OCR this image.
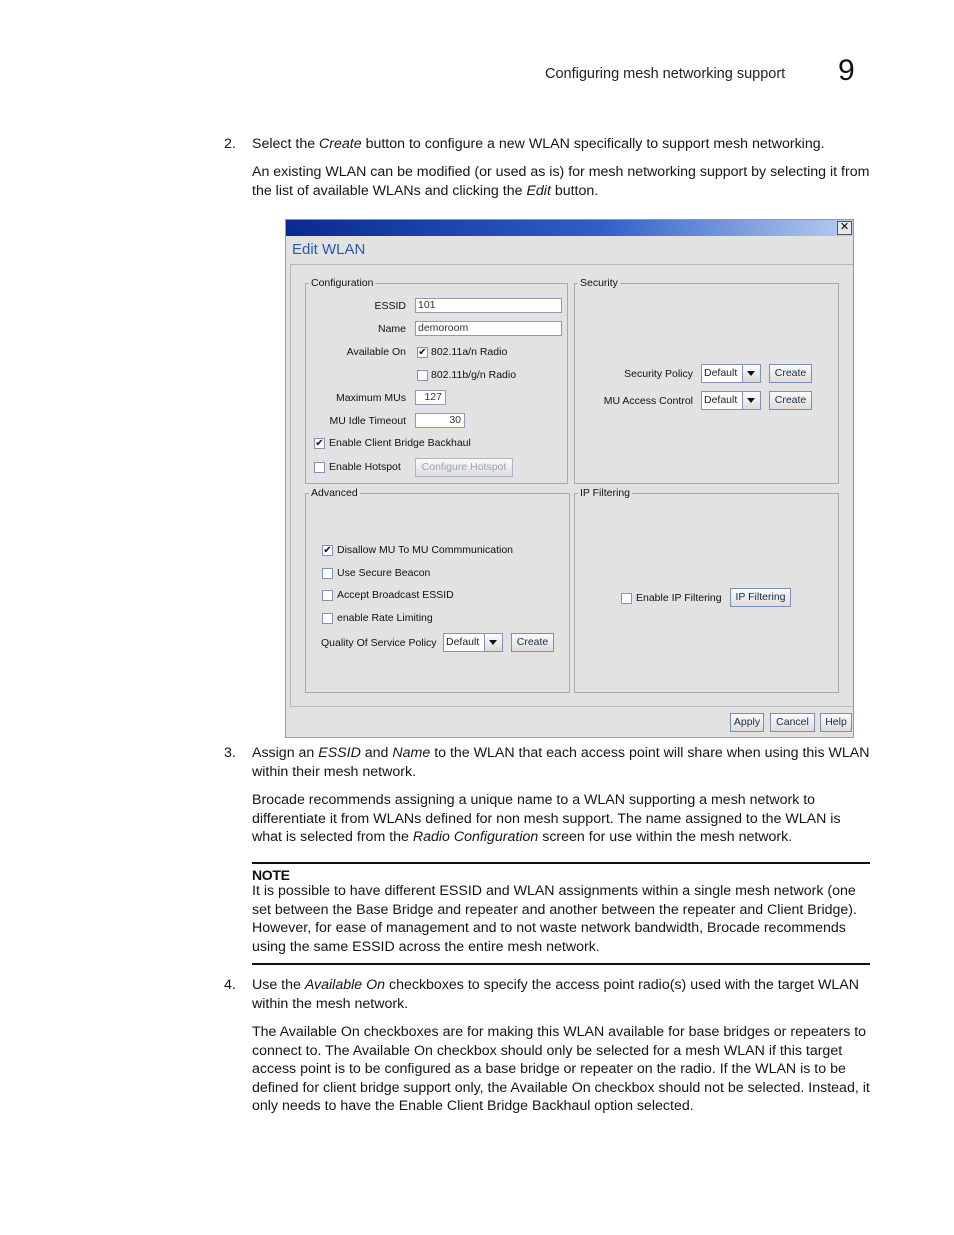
Configuring mesh networking support 9
2. Select the Create button to configure a new WLAN specifically to support mesh networking.
An existing WLAN can be modified (or used as is) for mesh networking support by selecting it from the list of available WLANs and clicking the Edit button.
✕
Edit WLAN
Configuration
ESSID 101
Name demoroom
Available On ✔ 802.11a/n Radio
802.11b/g/n Radio
Maximum MUs	127
MU Idle Timeout	30
✔ Enable Client Bridge Backhaul
Enable Hotspot	Configure Hotspot
Security
Security Policy Default	Create
MU Access Control Default	Create
Advanced
✔ Disallow MU To MU Commmunication
Use Secure Beacon
Accept Broadcast ESSID
enable Rate Limiting
Quality Of Service Policy Default	Create
IP Filtering
Enable IP Filtering	IP Filtering
Apply	Cancel	Help
3. Assign an ESSID and Name to the WLAN that each access point will share when using this WLAN within their mesh network.
Brocade recommends assigning a unique name to a WLAN supporting a mesh network to differentiate it from WLANs defined for non mesh support. The name assigned to the WLAN is what is selected from the Radio Configuration screen for use within the mesh network.
NOTE
It is possible to have different ESSID and WLAN assignments within a single mesh network (one set between the Base Bridge and repeater and another between the repeater and Client Bridge). However, for ease of management and to not waste network bandwidth, Brocade recommends using the same ESSID across the entire mesh network.
4. Use the Available On checkboxes to specify the access point radio(s) used with the target WLAN within the mesh network.
The Available On checkboxes are for making this WLAN available for base bridges or repeaters to connect to. The Available On checkbox should only be selected for a mesh WLAN if this target access point is to be configured as a base bridge or repeater on the radio. If the WLAN is to be defined for client bridge support only, the Available On checkbox should not be selected. Instead, it only needs to have the Enable Client Bridge Backhaul option selected.
